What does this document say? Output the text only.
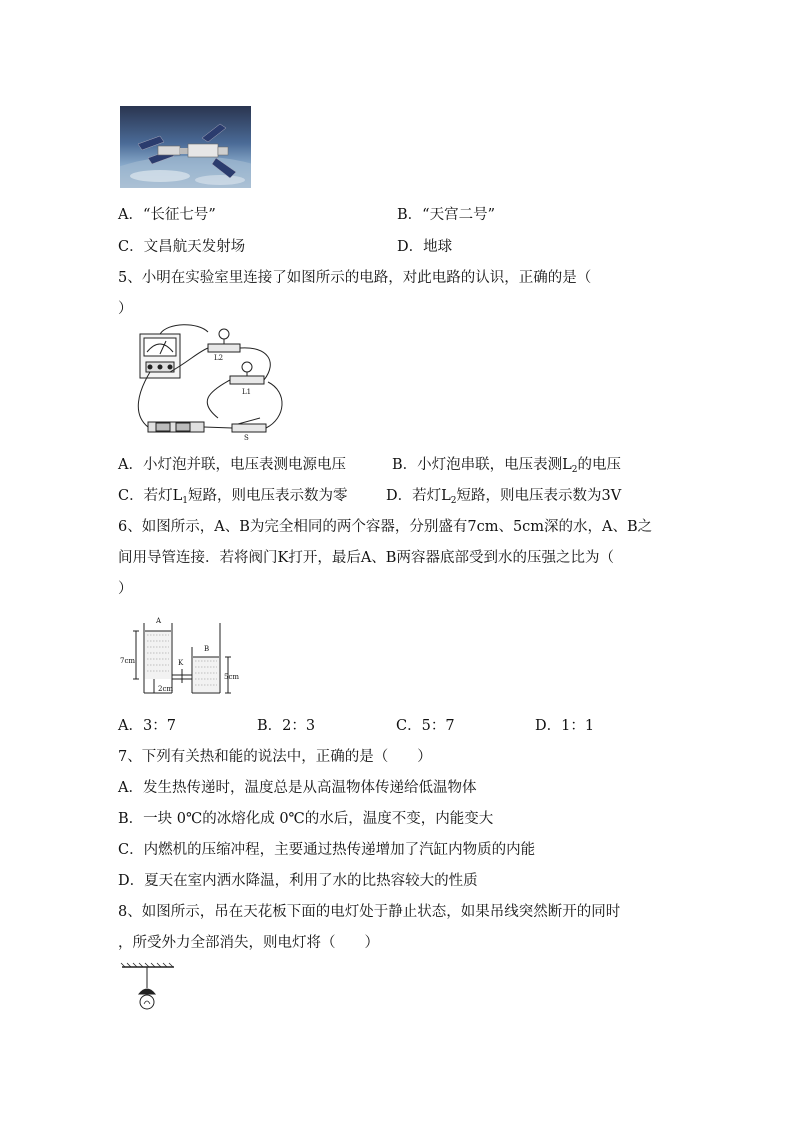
A．“长征七号”	B．“天宫二号”
C．文昌航天发射场	D．地球
5、小明在实验室里连接了如图所示的电路，对此电路的认识，正确的是（
）
L2
L1
S
A．小灯泡并联，电压表测电源电压	B．小灯泡串联，电压表测$L_2$的电压
C．若灯$L_1$短路，则电压表示数为零	D．若灯$L_2$短路，则电压表示数为3V
6、如图所示，A、B为完全相同的两个容器，分别盛有7cm、5cm深的水，A、B之
间用导管连接．若将阀门K打开，最后A、B两容器底部受到水的压强之比为（
）
A
B
K
7cm
5cm
2cm
A．3：7	B．2：3	C．5：7	D．1：1
7、下列有关热和能的说法中，正确的是（　　）
A．发生热传递时，温度总是从高温物体传递给低温物体
B．一块 0℃的冰熔化成 0℃的水后，温度不变，内能变大
C．内燃机的压缩冲程，主要通过热传递增加了汽缸内物质的内能
D．夏天在室内洒水降温，利用了水的比热容较大的性质
8、如图所示，吊在天花板下面的电灯处于静止状态，如果吊线突然断开的同时
，所受外力全部消失，则电灯将（　　）
